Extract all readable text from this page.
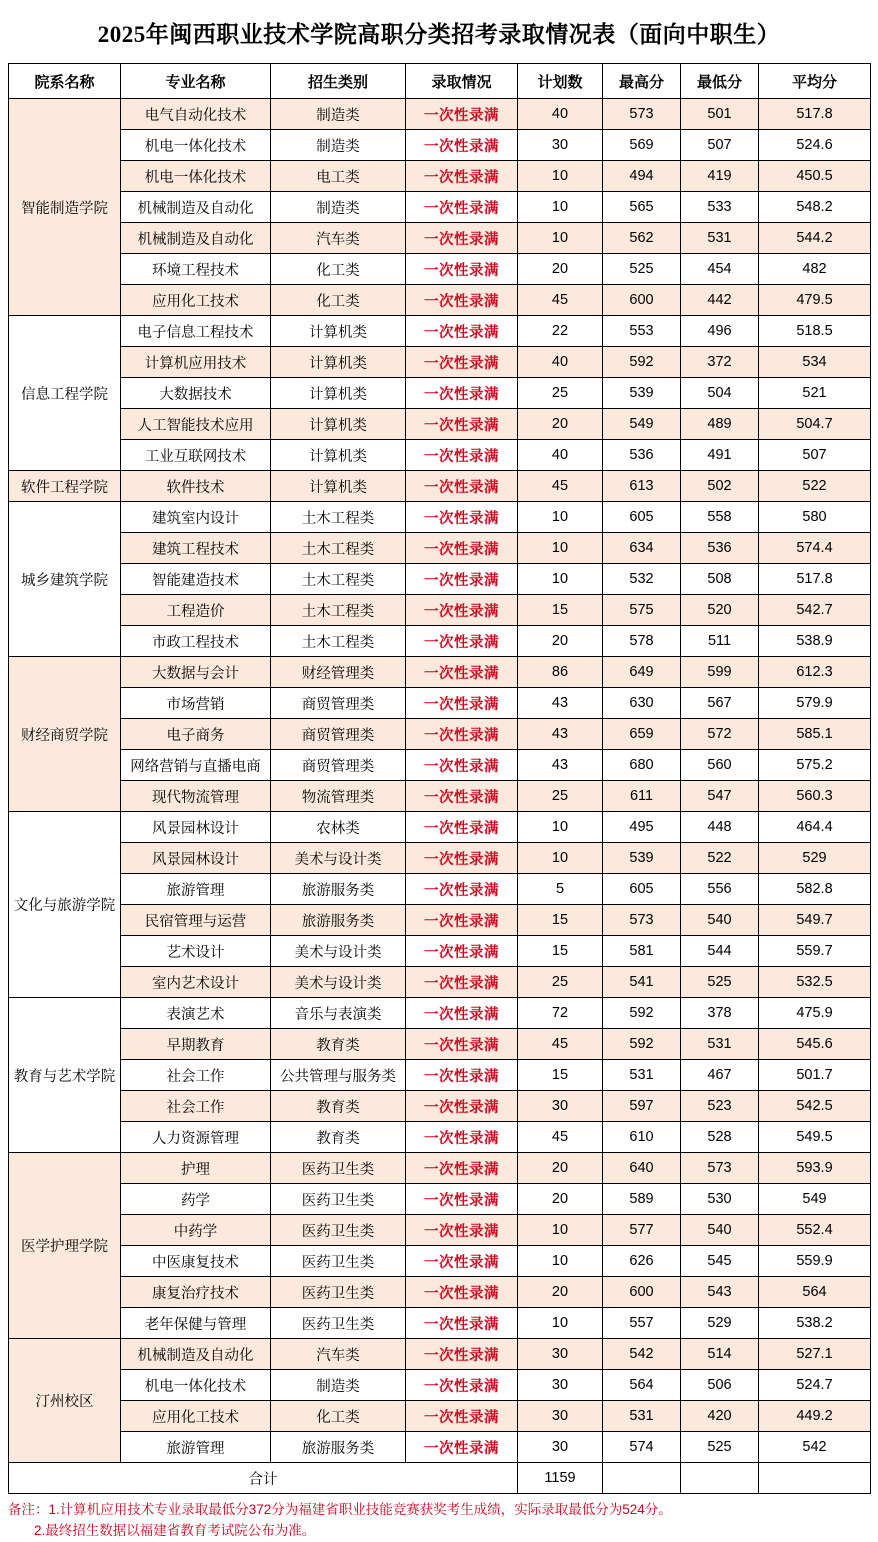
2025年闽西职业技术学院高职分类招考录取情况表（面向中职生）
院系名称	专业名称	招生类别	录取情况	计划数	最高分	最低分	平均分
智能制造学院	电气自动化技术	制造类	一次性录满	40	573	501	517.8
	机电一体化技术	制造类	一次性录满	30	569	507	524.6
	机电一体化技术	电工类	一次性录满	10	494	419	450.5
	机械制造及自动化	制造类	一次性录满	10	565	533	548.2
	机械制造及自动化	汽车类	一次性录满	10	562	531	544.2
	环境工程技术	化工类	一次性录满	20	525	454	482
	应用化工技术	化工类	一次性录满	45	600	442	479.5
信息工程学院	电子信息工程技术	计算机类	一次性录满	22	553	496	518.5
	计算机应用技术	计算机类	一次性录满	40	592	372	534
	大数据技术	计算机类	一次性录满	25	539	504	521
	人工智能技术应用	计算机类	一次性录满	20	549	489	504.7
	工业互联网技术	计算机类	一次性录满	40	536	491	507
软件工程学院	软件技术	计算机类	一次性录满	45	613	502	522
城乡建筑学院	建筑室内设计	土木工程类	一次性录满	10	605	558	580
	建筑工程技术	土木工程类	一次性录满	10	634	536	574.4
	智能建造技术	土木工程类	一次性录满	10	532	508	517.8
	工程造价	土木工程类	一次性录满	15	575	520	542.7
	市政工程技术	土木工程类	一次性录满	20	578	511	538.9
财经商贸学院	大数据与会计	财经管理类	一次性录满	86	649	599	612.3
	市场营销	商贸管理类	一次性录满	43	630	567	579.9
	电子商务	商贸管理类	一次性录满	43	659	572	585.1
	网络营销与直播电商	商贸管理类	一次性录满	43	680	560	575.2
	现代物流管理	物流管理类	一次性录满	25	611	547	560.3
文化与旅游学院	风景园林设计	农林类	一次性录满	10	495	448	464.4
	风景园林设计	美术与设计类	一次性录满	10	539	522	529
	旅游管理	旅游服务类	一次性录满	5	605	556	582.8
	民宿管理与运营	旅游服务类	一次性录满	15	573	540	549.7
	艺术设计	美术与设计类	一次性录满	15	581	544	559.7
	室内艺术设计	美术与设计类	一次性录满	25	541	525	532.5
教育与艺术学院	表演艺术	音乐与表演类	一次性录满	72	592	378	475.9
	早期教育	教育类	一次性录满	45	592	531	545.6
	社会工作	公共管理与服务类	一次性录满	15	531	467	501.7
	社会工作	教育类	一次性录满	30	597	523	542.5
	人力资源管理	教育类	一次性录满	45	610	528	549.5
医学护理学院	护理	医药卫生类	一次性录满	20	640	573	593.9
	药学	医药卫生类	一次性录满	20	589	530	549
	中药学	医药卫生类	一次性录满	10	577	540	552.4
	中医康复技术	医药卫生类	一次性录满	10	626	545	559.9
	康复治疗技术	医药卫生类	一次性录满	20	600	543	564
	老年保健与管理	医药卫生类	一次性录满	10	557	529	538.2
汀州校区	机械制造及自动化	汽车类	一次性录满	30	542	514	527.1
	机电一体化技术	制造类	一次性录满	30	564	506	524.7
	应用化工技术	化工类	一次性录满	30	531	420	449.2
	旅游管理	旅游服务类	一次性录满	30	574	525	542
合计				1159			
备注：1.计算机应用技术专业录取最低分372分为福建省职业技能竞赛获奖考生成绩，实际录取最低分为524分。
2.最终招生数据以福建省教育考试院公布为准。
